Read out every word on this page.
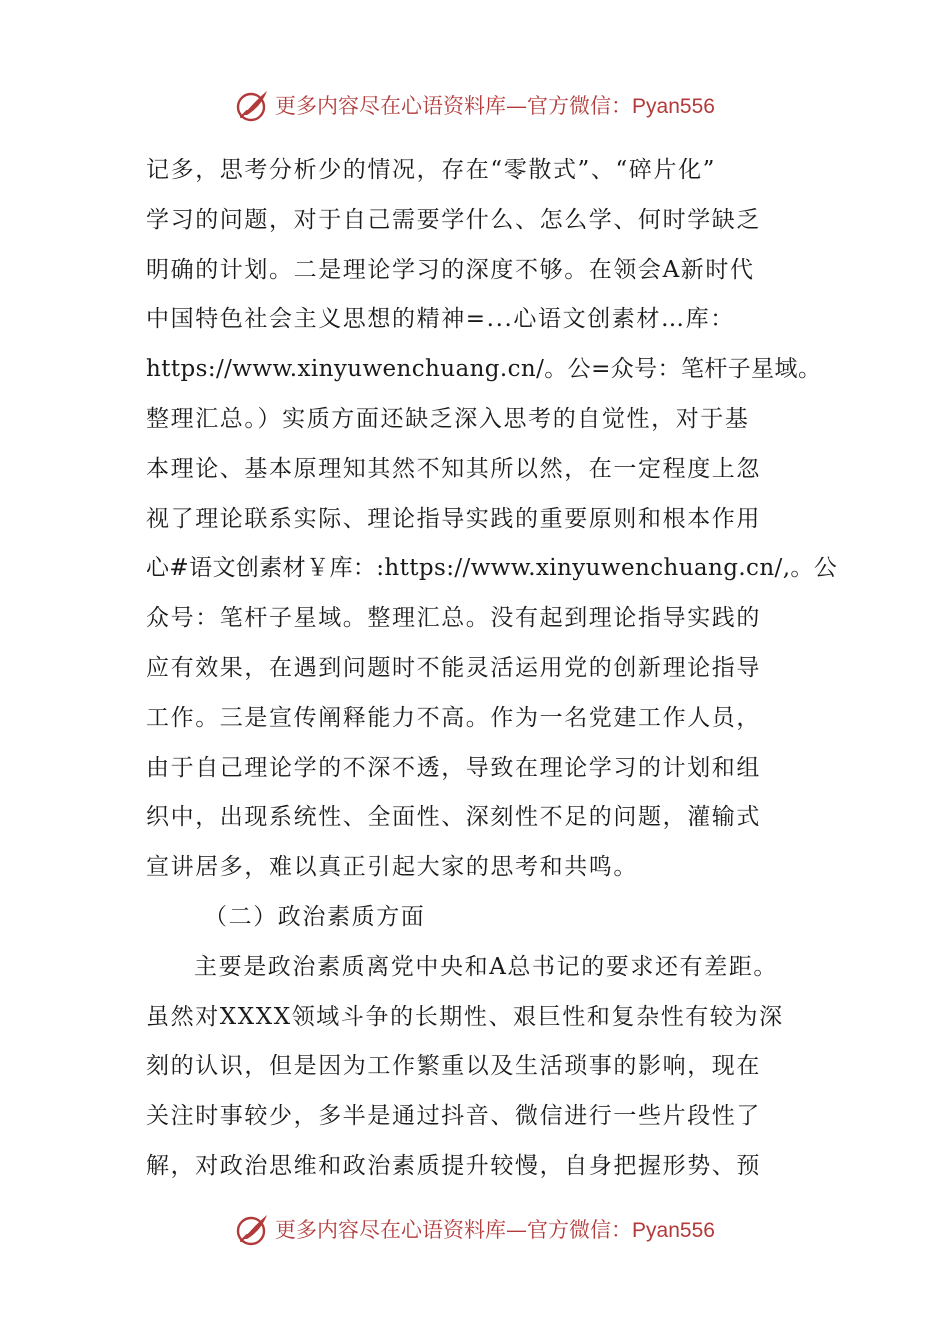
更多内容尽在心语资料库—官方微信：Pyan556
记多，思考分析少的情况，存在“零散式”、“碎片化”
学习的问题，对于自己需要学什么、怎么学、何时学缺乏
明确的计划。二是理论学习的深度不够。在领会A新时代
中国特色社会主义思想的精神=...心语文创素材…库：
https://www.xinyuwenchuang.cn/。公=众号：笔杆子星域。
整理汇总。）实质方面还缺乏深入思考的自觉性，对于基
本理论、基本原理知其然不知其所以然，在一定程度上忽
视了理论联系实际、理论指导实践的重要原则和根本作用
心#语文创素材￥库：:https://www.xinyuwenchuang.cn/,。公
众号：笔杆子星域。整理汇总。没有起到理论指导实践的
应有效果，在遇到问题时不能灵活运用党的创新理论指导
工作。三是宣传阐释能力不高。作为一名党建工作人员，
由于自己理论学的不深不透，导致在理论学习的计划和组
织中，出现系统性、全面性、深刻性不足的问题，灌输式
宣讲居多，难以真正引起大家的思考和共鸣。
（二）政治素质方面
主要是政治素质离党中央和A总书记的要求还有差距。
虽然对XXXX领域斗争的长期性、艰巨性和复杂性有较为深
刻的认识，但是因为工作繁重以及生活琐事的影响，现在
关注时事较少，多半是通过抖音、微信进行一些片段性了
解，对政治思维和政治素质提升较慢，自身把握形势、预
更多内容尽在心语资料库—官方微信：Pyan556
